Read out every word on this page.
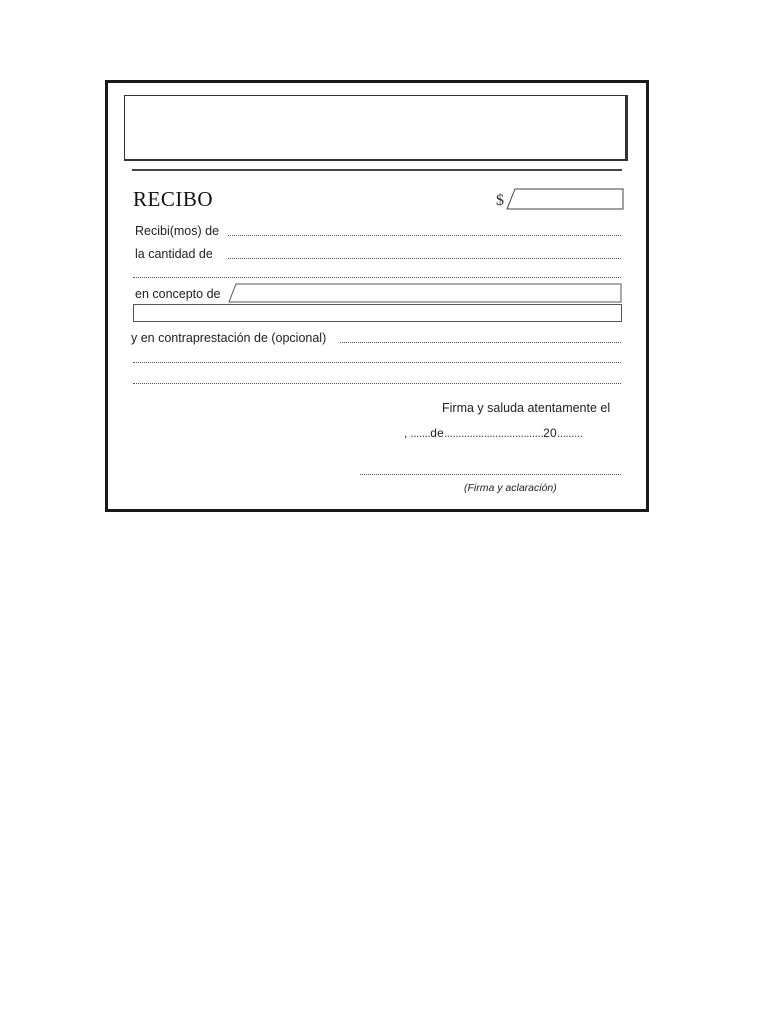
RECIBO	$
Recibi(mos) de
la cantidad de
en concepto de
y en contraprestación de (opcional)
Firma y saluda atentamente el
, .......de...................................20.........
(Firma y aclaración)
